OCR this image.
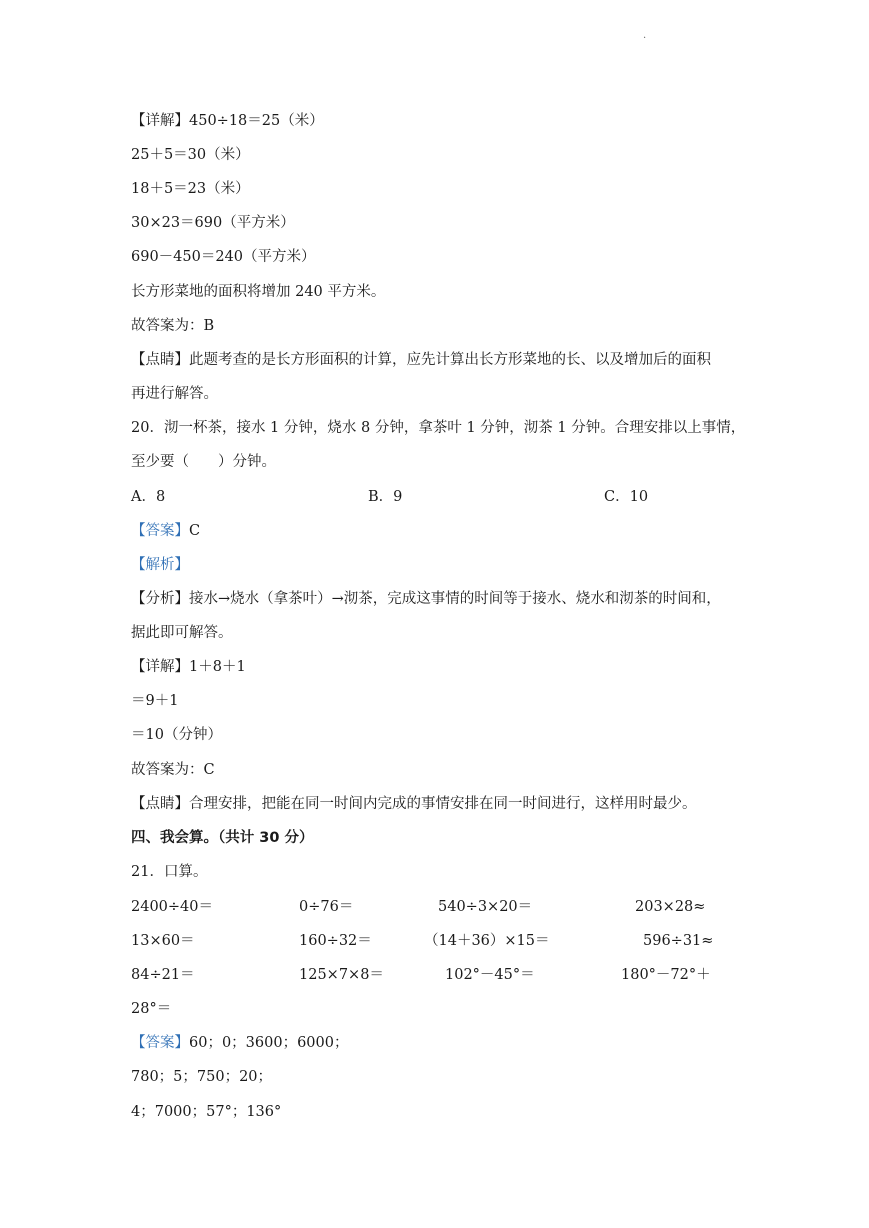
.
【详解】450÷18＝25（米）
25＋5＝30（米）
18＋5＝23（米）
30×23＝690（平方米）
690－450＝240（平方米）
长方形菜地的面积将增加 240 平方米。
故答案为：B
【点睛】此题考查的是长方形面积的计算，应先计算出长方形菜地的长、以及增加后的面积
再进行解答。
20．沏一杯茶，接水 1 分钟，烧水 8 分钟，拿茶叶 1 分钟，沏茶 1 分钟。合理安排以上事情，
至少要（　　）分钟。
A．8	B．9	C．10
【答案】C
【解析】
【分析】接水→烧水（拿茶叶）→沏茶，完成这事情的时间等于接水、烧水和沏茶的时间和，
据此即可解答。
【详解】1＋8＋1
＝9＋1
＝10（分钟）
故答案为：C
【点睛】合理安排，把能在同一时间内完成的事情安排在同一时间进行，这样用时最少。
四、我会算。（共计 30 分）
21．口算。
2400÷40＝	0÷76＝	540÷3×20＝	203×28≈
13×60＝	160÷32＝	（14＋36）×15＝	596÷31≈
84÷21＝	125×7×8＝	102°－45°＝	180°－72°＋
28°＝
【答案】60；0；3600；6000；
780；5；750；20；
4；7000；57°；136°
